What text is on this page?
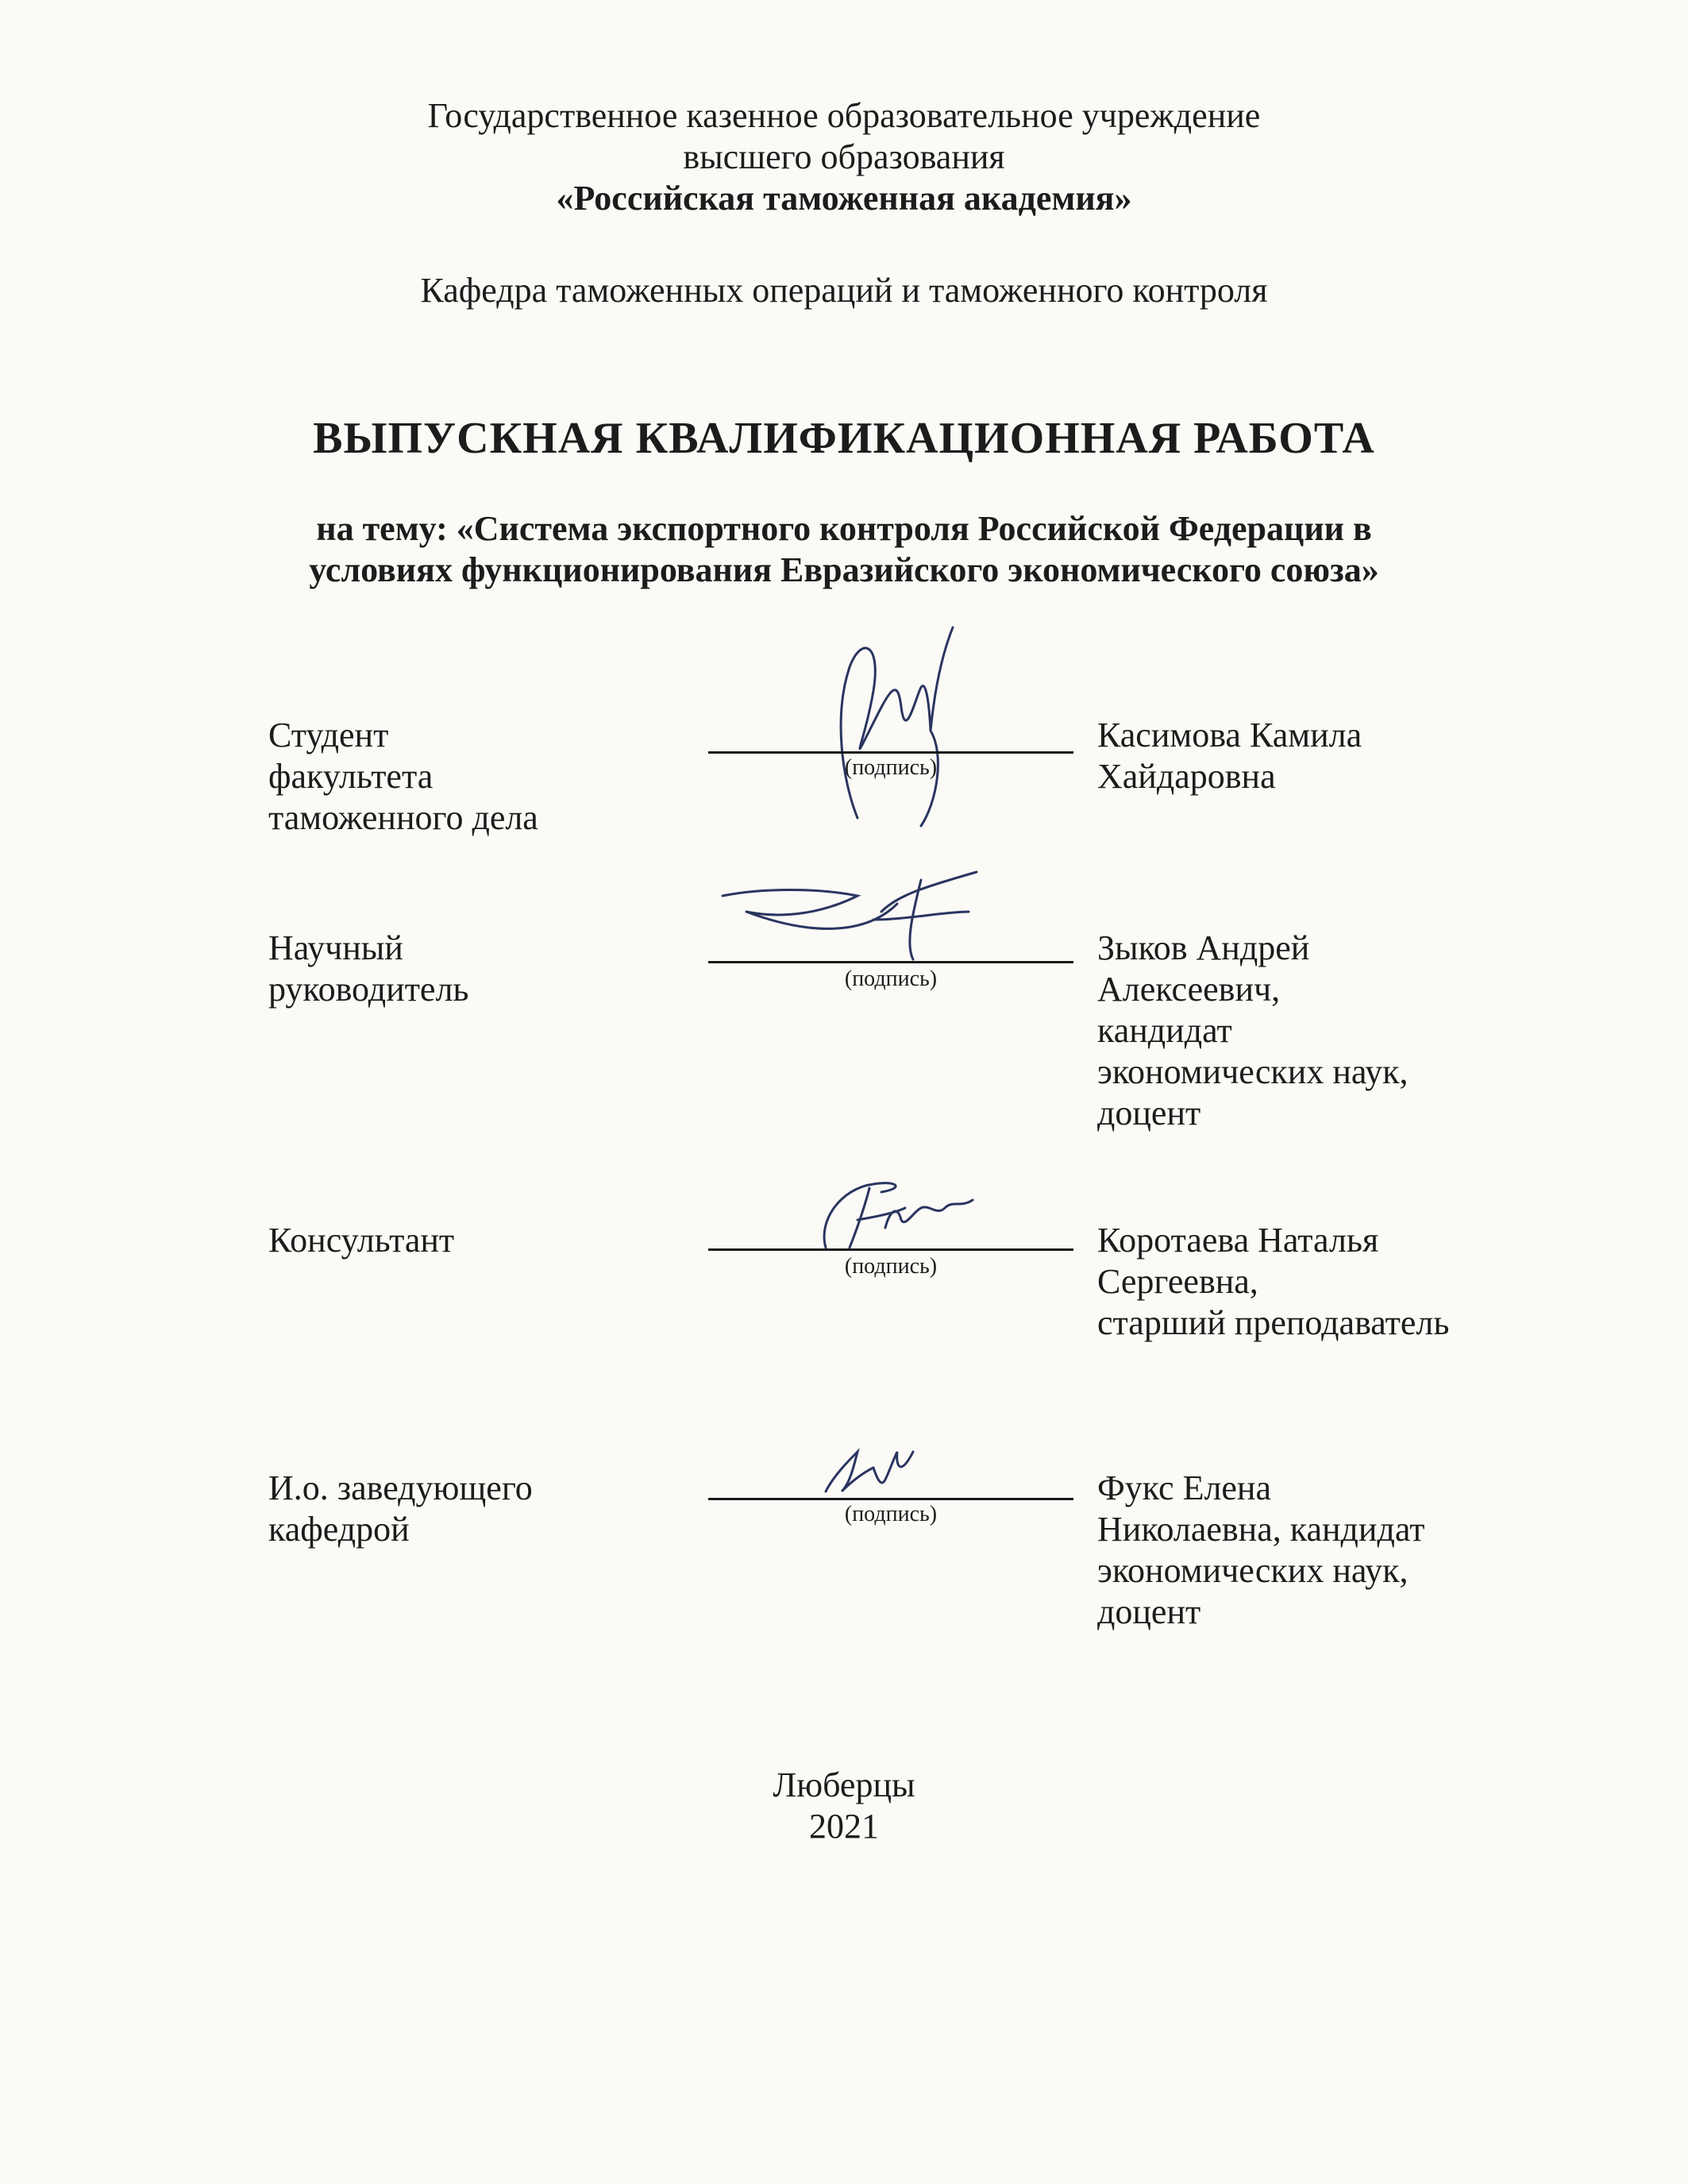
Государственное казенное образовательное учреждение
высшего образования
«Российская таможенная академия»
Кафедра таможенных операций и таможенного контроля
ВЫПУСКНАЯ КВАЛИФИКАЦИОННАЯ РАБОТА
на тему: «Система экспортного контроля Российской Федерации в
условиях функционирования Евразийского экономического союза»
Студент
факультета
таможенного дела
(подпись)
Касимова Камила
Хайдаровна
Научный
руководитель	(подпись)
Зыков Андрей
Алексеевич,
кандидат
экономических наук,
доцент
Консультант
(подпись)
Коротаева Наталья
Сергеевна,
старший преподаватель
И.о. заведующего
кафедрой	(подпись)
Фукс Елена
Николаевна, кандидат
экономических наук,
доцент
Люберцы
2021
